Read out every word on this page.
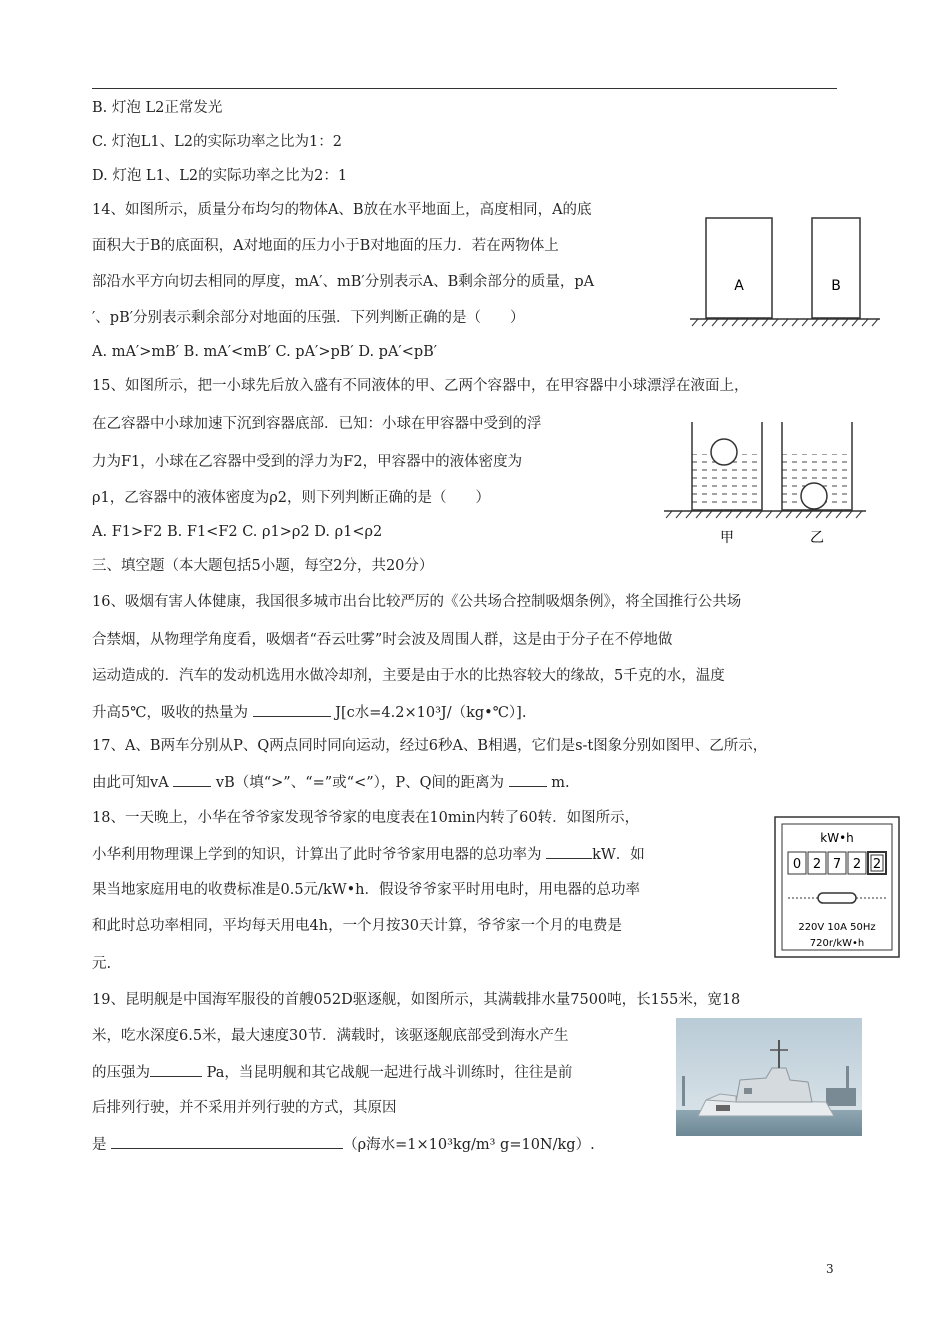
B. 灯泡 L2正常发光
C. 灯泡L1、L2的实际功率之比为1：2
D. 灯泡 L1、L2的实际功率之比为2：1
14、如图所示，质量分布均匀的物体A、B放在水平地面上，高度相同，A的底
面积大于B的底面积，A对地面的压力小于B对地面的压力．若在两物体上
部沿水平方向切去相同的厚度，mA′、mB′分别表示A、B剩余部分的质量，pA
′、pB′分别表示剩余部分对地面的压强．下列判断正确的是（　　）
A. mA′>mB′ B. mA′<mB′ C. pA′>pB′ D. pA′<pB′
A	B
15、如图所示，把一小球先后放入盛有不同液体的甲、乙两个容器中，在甲容器中小球漂浮在液面上，
在乙容器中小球加速下沉到容器底部．已知：小球在甲容器中受到的浮
力为F1，小球在乙容器中受到的浮力为F2，甲容器中的液体密度为
ρ1，乙容器中的液体密度为ρ2，则下列判断正确的是（　　）
A. F1>F2 B. F1<F2 C. ρ1>ρ2 D. ρ1<ρ2	甲	乙
三、填空题（本大题包括5小题，每空2分，共20分）
16、吸烟有害人体健康，我国很多城市出台比较严厉的《公共场合控制吸烟条例》，将全国推行公共场
合禁烟，从物理学角度看，吸烟者“吞云吐雾”时会波及周围人群，这是由于分子在不停地做
运动造成的．汽车的发动机选用水做冷却剂，主要是由于水的比热容较大的缘故，5千克的水，温度
升高5℃，吸收的热量为	J[c水=4.2×10³J/（kg•℃）].
17、A、B两车分别从P、Q两点同时同向运动，经过6秒A、B相遇，它们是s-t图象分别如图甲、乙所示，
由此可知vA	vB（填“>”、“=”或“<”），P、Q间的距离为	m.
18、一天晚上，小华在爷爷家发现爷爷家的电度表在10min内转了60转．如图所示，
小华利用物理课上学到的知识，计算出了此时爷爷家用电器的总功率为	kW．如
果当地家庭用电的收费标准是0.5元/kW•h．假设爷爷家平时用电时，用电器的总功率
和此时总功率相同，平均每天用电4h，一个月按30天计算，爷爷家一个月的电费是
元.
kW•h
0 2 7 2 2
220V 10A 50Hz
720r/kW•h
19、昆明舰是中国海军服役的首艘052D驱逐舰，如图所示，其满载排水量7500吨，长155米，宽18
米，吃水深度6.5米，最大速度30节．满载时，该驱逐舰底部受到海水产生
的压强为	Pa，当昆明舰和其它战舰一起进行战斗训练时，往往是前
后排列行驶，并不采用并列行驶的方式，其原因
是	（ρ海水=1×10³kg/m³ g=10N/kg）.
3
